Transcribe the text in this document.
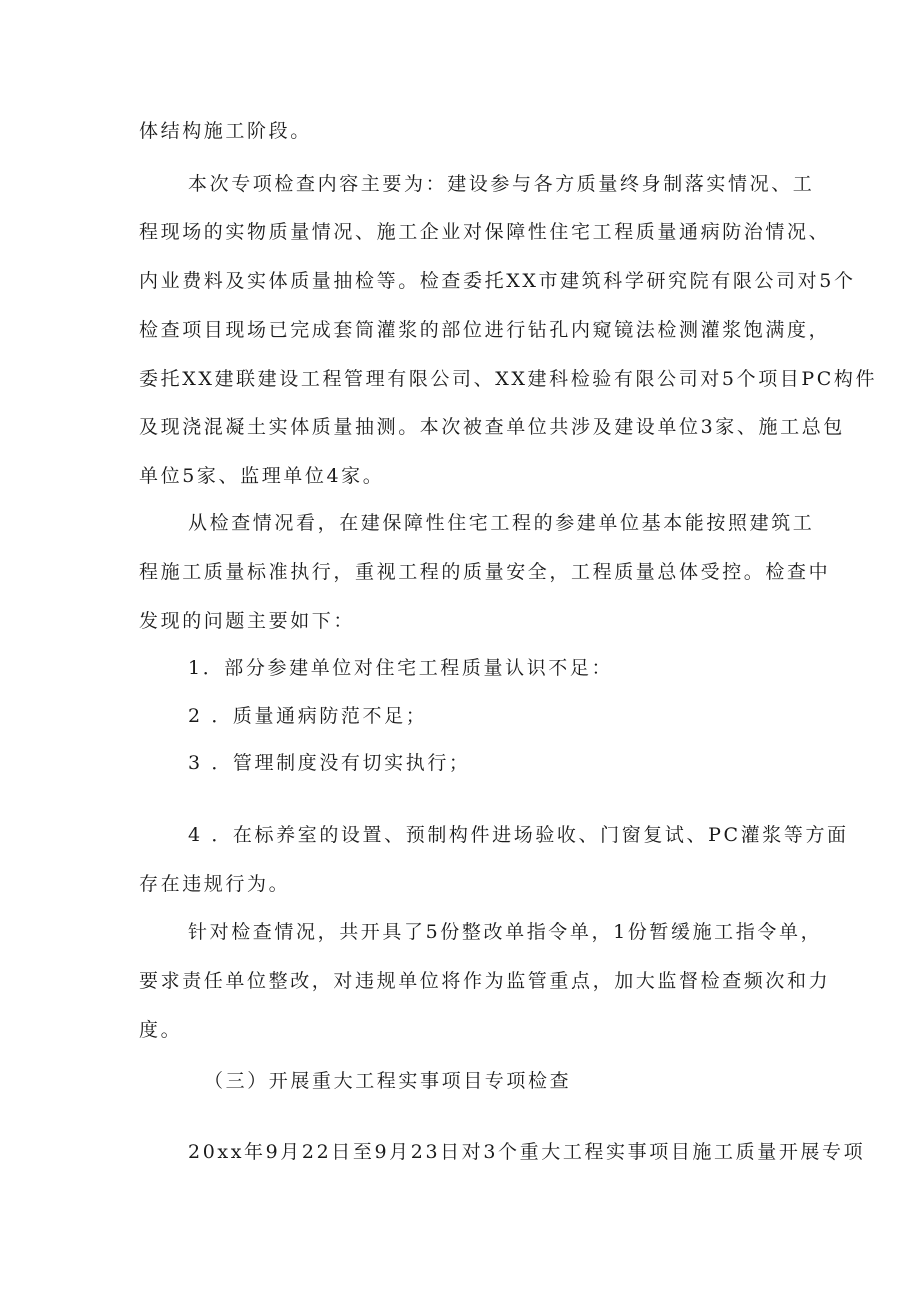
体结构施工阶段。
本次专项检查内容主要为：建设参与各方质量终身制落实情况、工
程现场的实物质量情况、施工企业对保障性住宅工程质量通病防治情况、
内业费料及实体质量抽检等。检查委托XX市建筑科学研究院有限公司对5个
检查项目现场已完成套筒灌浆的部位进行钻孔内窥镜法检测灌浆饱满度，
委托XX建联建设工程管理有限公司、XX建科检验有限公司对5个项目PC构件
及现浇混凝土实体质量抽测。本次被查单位共涉及建设单位3家、施工总包
单位5家、监理单位4家。
从检查情况看，在建保障性住宅工程的参建单位基本能按照建筑工
程施工质量标准执行，重视工程的质量安全，工程质量总体受控。检查中
发现的问题主要如下：
1．部分参建单位对住宅工程质量认识不足：
2 ．质量通病防范不足；
3 ．管理制度没有切实执行；
4 ．在标养室的设置、预制构件进场验收、门窗复试、PC灌浆等方面
存在违规行为。
针对检查情况，共开具了5份整改单指令单，1份暂缓施工指令单，
要求责任单位整改，对违规单位将作为监管重点，加大监督检查频次和力
度。
（三）开展重大工程实事项目专项检查
20xx年9月22日至9月23日对3个重大工程实事项目施工质量开展专项
